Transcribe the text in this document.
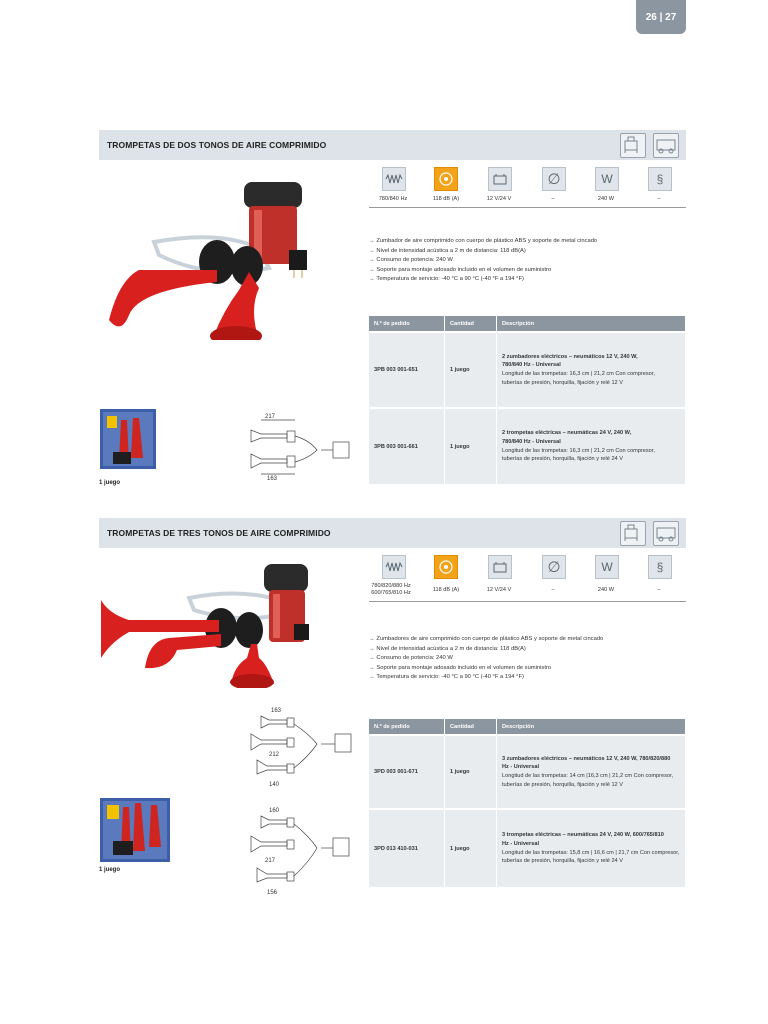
26 | 27
TROMPETAS DE DOS TONOS DE AIRE COMPRIMIDO
∅	W	§
780/840 Hz	118 dB (A)	12 V/24 V	–	240 W	–
→ Zumbador de aire comprimido con cuerpo de plástico ABS y soporte de metal cincado
→ Nivel de intensidad acústica a 2 m de distancia: 118 dB(A)
→ Consumo de potencia: 240 W
→ Soporte para montaje adosado incluido en el volumen de suministro
→ Temperatura de servicio: -40 °C a 90 °C (-40 °F a 194 °F)
N.º de pedido	Cantidad	Descripción
3PB 003 001-651	1 juego	2 zumbadores eléctricos – neumáticos 12 V, 240 W, 780/840 Hz - Universal
Longitud de las trompetas: 16,3 cm | 21,2 cm Con compresor, tuberías de presión, horquilla, fijación y relé 12 V

3PB 003 001-661	1 juego	2 trompetas eléctricas – neumáticas 24 V, 240 W, 780/840 Hz - Universal
Longitud de las trompetas: 16,3 cm | 21,2 cm Con compresor, tuberías de presión, horquilla, fijación y relé 24 V
1 juego
217
163
TROMPETAS DE TRES TONOS DE AIRE COMPRIMIDO
∅	W	§
780/820/880 Hz 600/765/810 Hz	118 dB (A)	12 V/24 V	–	240 W	–
→ Zumbadores de aire comprimido con cuerpo de plástico ABS y soporte de metal cincado
→ Nivel de intensidad acústica a 2 m de distancia: 118 dB(A)
→ Consumo de potencia: 240 W
→ Soporte para montaje adosado incluido en el volumen de suministro
→ Temperatura de servicio: -40 °C a 90 °C (-40 °F a 194 °F)
N.º de pedido	Cantidad	Descripción
3PD 003 001-671	1 juego	3 zumbadores eléctricos – neumáticos 12 V, 240 W, 780/820/880 Hz - Universal
Longitud de las trompetas: 14 cm |16,3 cm | 21,2 cm Con compresor, tuberías de presión, horquilla, fijación y relé 12 V

3PD 013 410-031	1 juego	3 trompetas eléctricas – neumáticas 24 V, 240 W, 600/765/810 Hz - Universal
Longitud de las trompetas: 15,8 cm | 16,6 cm | 21,7 cm Con compresor, tuberías de presión, horquilla, fijación y relé 24 V
1 juego
163
212
140
160
217
156
